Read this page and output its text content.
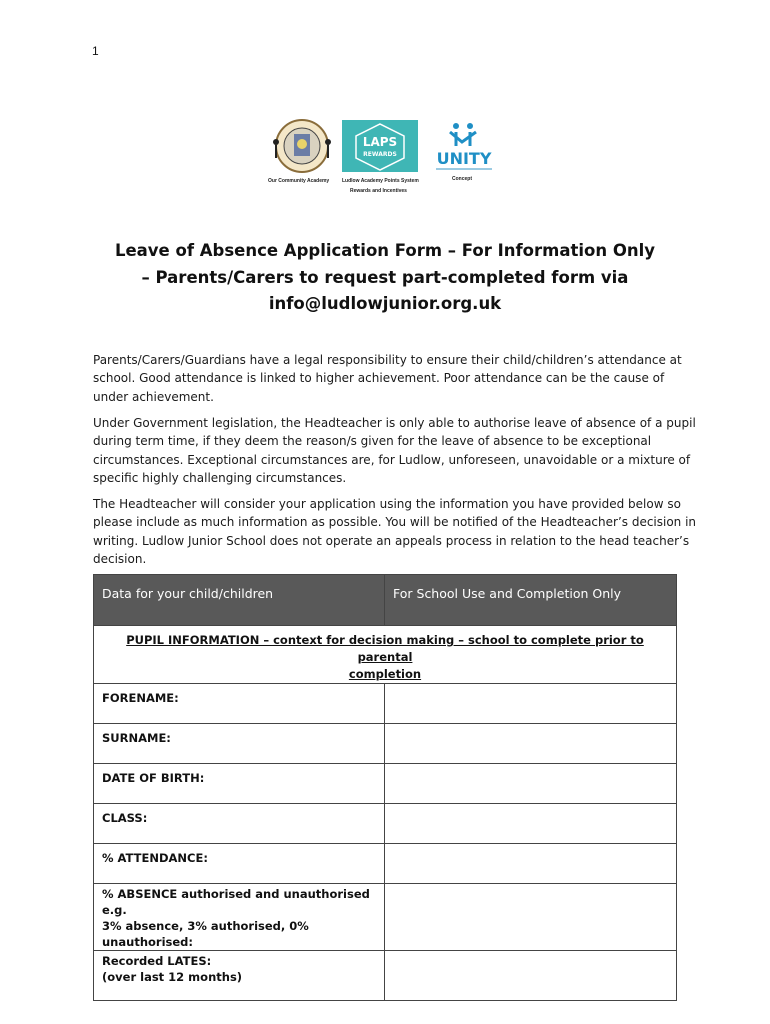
1
Our Community Academy
LAPS
REWARDS
Ludlow Academy Points System
Rewards and Incentives
UNITY
Concept
Leave of Absence Application Form – For Information Only
– Parents/Carers to request part-completed form via
info@ludlowjunior.org.uk
Parents/Carers/Guardians have a legal responsibility to ensure their child/children’s attendance at
school. Good attendance is linked to higher achievement. Poor attendance can be the cause of
under achievement.
Under Government legislation, the Headteacher is only able to authorise leave of absence of a pupil
during term time, if they deem the reason/s given for the leave of absence to be exceptional
circumstances. Exceptional circumstances are, for Ludlow, unforeseen, unavoidable or a mixture of
specific highly challenging circumstances.
The Headteacher will consider your application using the information you have provided below so
please include as much information as possible. You will be notified of the Headteacher’s decision in
writing. Ludlow Junior School does not operate an appeals process in relation to the head teacher’s
decision.
Data for your child/children	For School Use and Completion Only

PUPIL INFORMATION – context for decision making – school to complete prior to parental
completion	

FORENAME:	

SURNAME:	

DATE OF BIRTH:	

CLASS:	

% ATTENDANCE:	

% ABSENCE authorised and unauthorised e.g.
3% absence, 3% authorised, 0% unauthorised:	

Recorded LATES:
(over last 12 months)	
